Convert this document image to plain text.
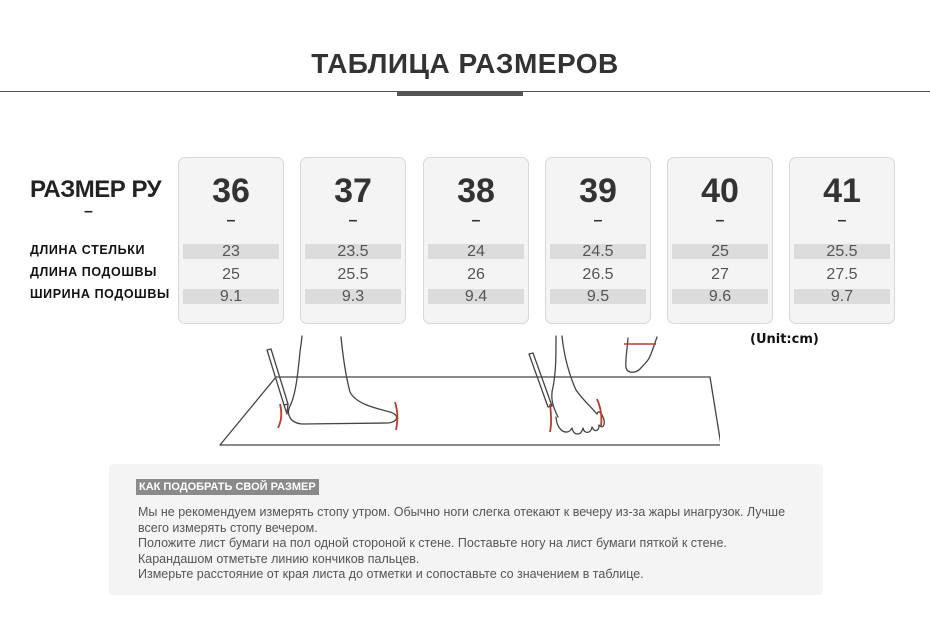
ТАБЛИЦА РАЗМЕРОВ
РАЗМЕР РУ
–
ДЛИНА СТЕЛЬКИ
ДЛИНА ПОДОШВЫ
ШИРИНА ПОДОШВЫ
36
–
23
25
9.1
37
–
23.5
25.5
9.3
38
–
24
26
9.4
39
–
24.5
26.5
9.5
40
–
25
27
9.6
41
–
25.5
27.5
9.7
(Unit:cm)
КАК ПОДОБРАТЬ СВОЙ РАЗМЕР
Мы не рекомендуем измерять стопу утром. Обычно ноги слегка отекают к вечеру из-за жары инагрузок. Лучше
всего измерять стопу вечером.
Положите лист бумаги на пол одной стороной к стене. Поставьте ногу на лист бумаги пяткой к стене.
Карандашом отметьте линию кончиков пальцев.
Измерьте расстояние от края листа до отметки и сопоставьте со значением в таблице.
